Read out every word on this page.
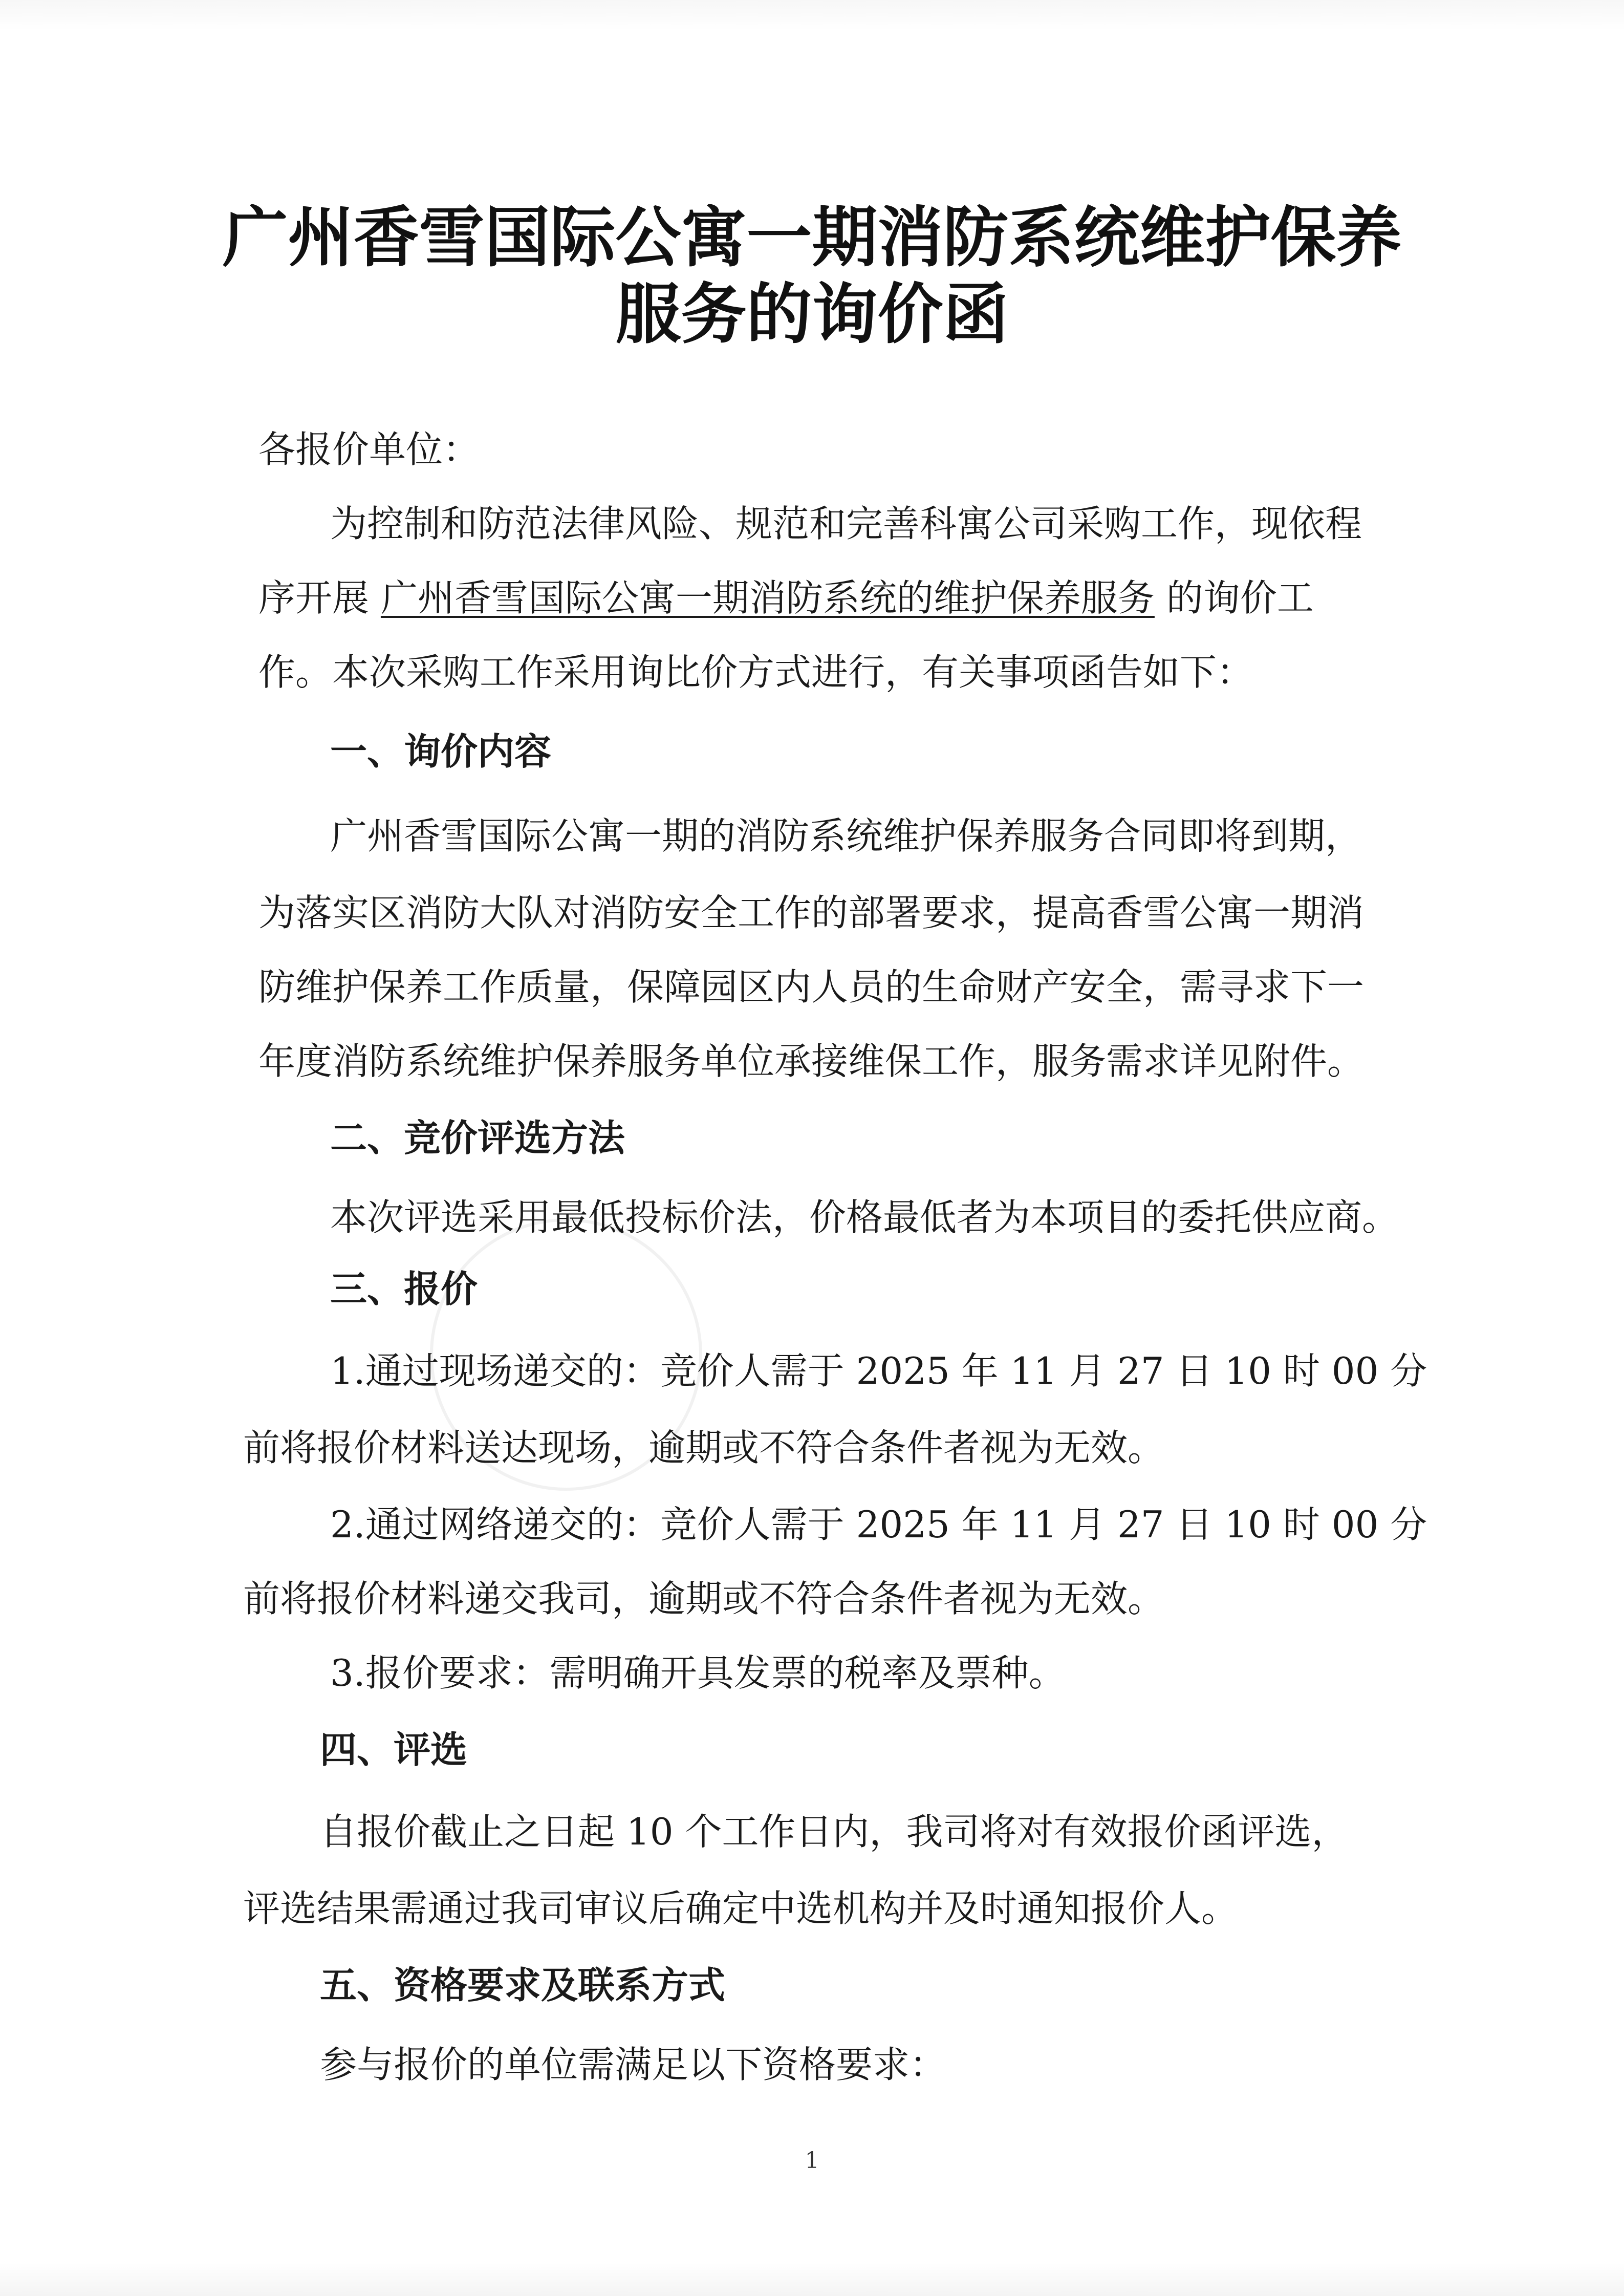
广州香雪国际公寓一期消防系统维护保养
服务的询价函
各报价单位：
为控制和防范法律风险、规范和完善科寓公司采购工作，现依程
序开展 广州香雪国际公寓一期消防系统的维护保养服务 的询价工
作。本次采购工作采用询比价方式进行，有关事项函告如下：
一、询价内容
广州香雪国际公寓一期的消防系统维护保养服务合同即将到期，
为落实区消防大队对消防安全工作的部署要求，提高香雪公寓一期消
防维护保养工作质量，保障园区内人员的生命财产安全，需寻求下一
年度消防系统维护保养服务单位承接维保工作，服务需求详见附件。
二、竞价评选方法
本次评选采用最低投标价法，价格最低者为本项目的委托供应商。
三、报价
1.通过现场递交的：竞价人需于 2025 年 11 月 27 日 10 时 00 分
前将报价材料送达现场，逾期或不符合条件者视为无效。
2.通过网络递交的：竞价人需于 2025 年 11 月 27 日 10 时 00 分
前将报价材料递交我司，逾期或不符合条件者视为无效。
3.报价要求：需明确开具发票的税率及票种。
四、评选
自报价截止之日起 10 个工作日内，我司将对有效报价函评选，
评选结果需通过我司审议后确定中选机构并及时通知报价人。
五、资格要求及联系方式
参与报价的单位需满足以下资格要求：
1
